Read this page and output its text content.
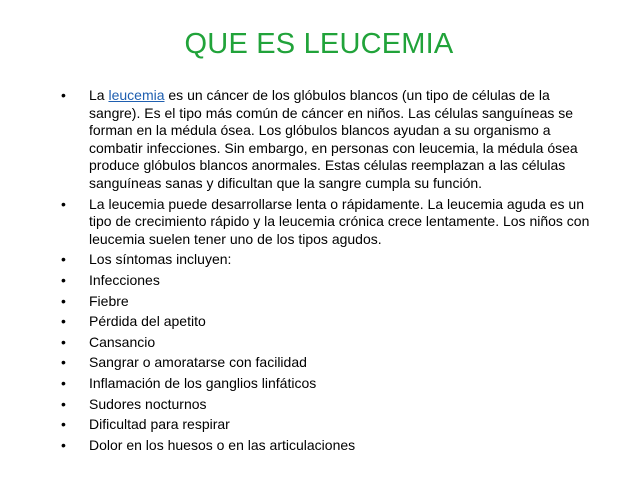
QUE ES LEUCEMIA
• La leucemia es un cáncer de los glóbulos blancos (un tipo de células de la sangre). Es el tipo más común de cáncer en niños. Las células sanguíneas se forman en la médula ósea. Los glóbulos blancos ayudan a su organismo a combatir infecciones. Sin embargo, en personas con leucemia, la médula ósea produce glóbulos blancos anormales. Estas células reemplazan a las células sanguíneas sanas y dificultan que la sangre cumpla su función.
• La leucemia puede desarrollarse lenta o rápidamente. La leucemia aguda es un tipo de crecimiento rápido y la leucemia crónica crece lentamente. Los niños con leucemia suelen tener uno de los tipos agudos.
• Los síntomas incluyen:
• Infecciones
• Fiebre
• Pérdida del apetito
• Cansancio
• Sangrar o amoratarse con facilidad
• Inflamación de los ganglios linfáticos
• Sudores nocturnos
• Dificultad para respirar
• Dolor en los huesos o en las articulaciones
